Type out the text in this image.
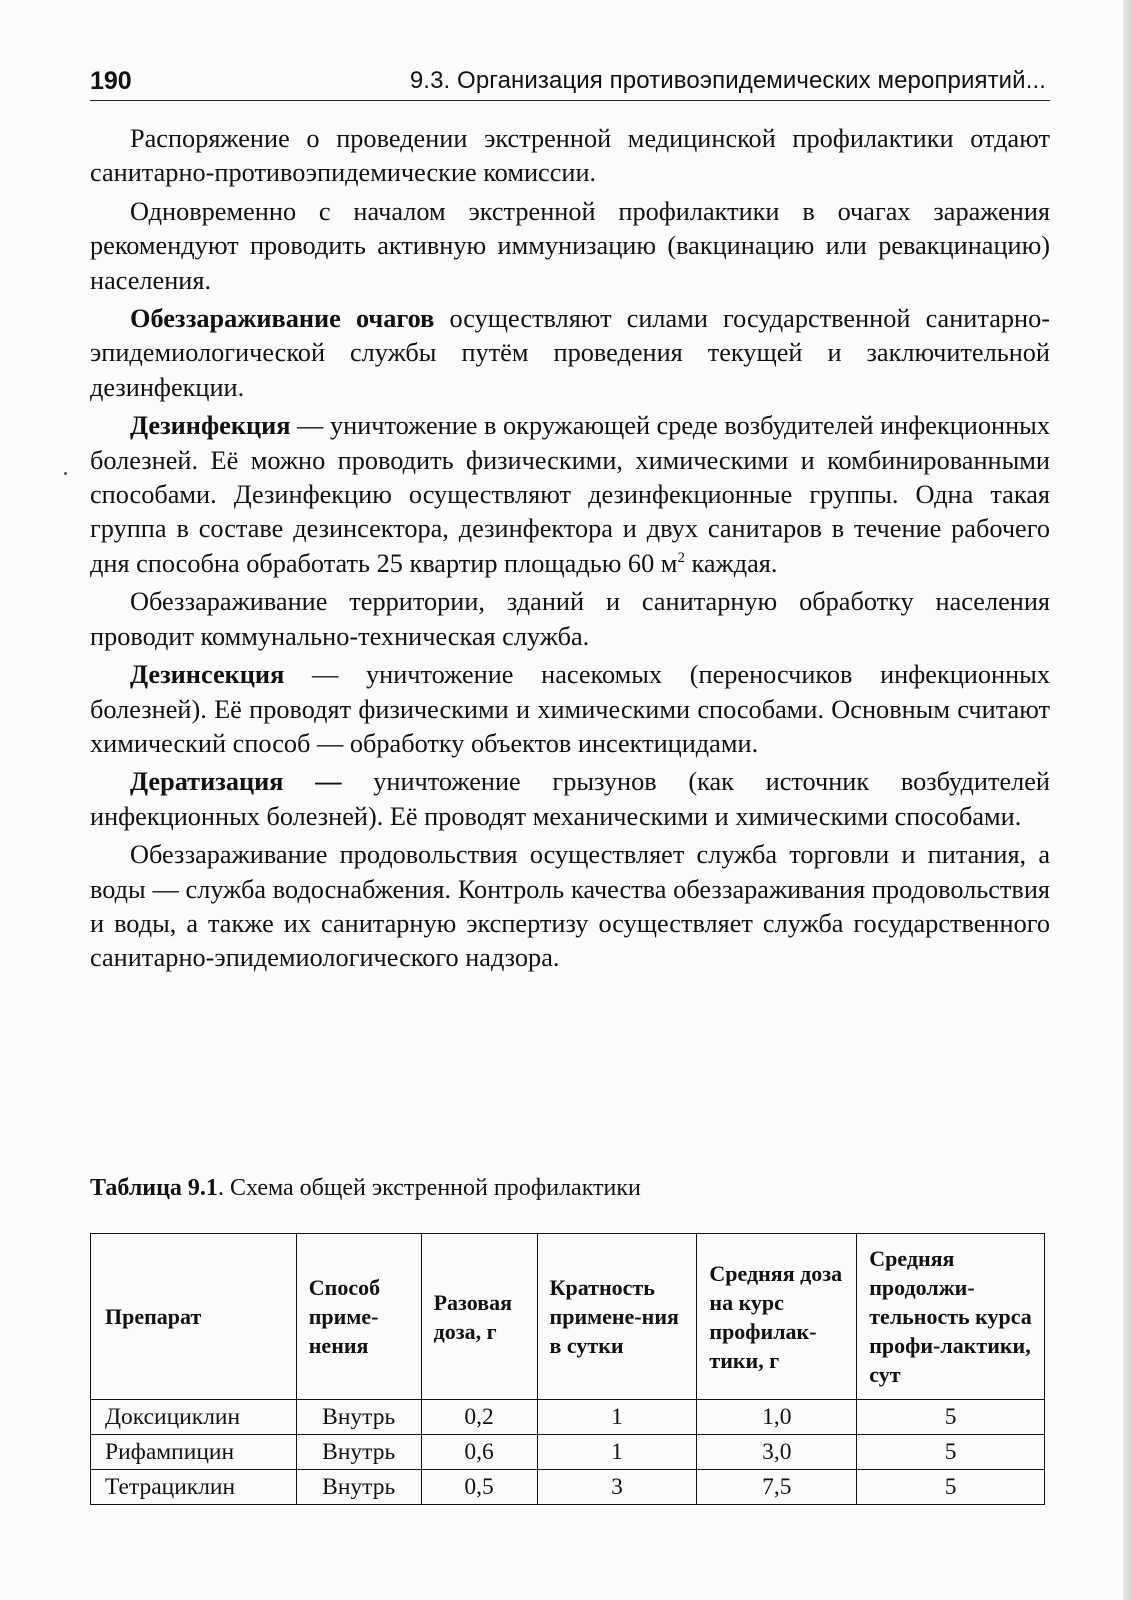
190	9.3. Организация противоэпидемических мероприятий...

Распоряжение о проведении экстренной медицинской профилактики отдают санитарно-противоэпидемические комиссии.

Одновременно с началом экстренной профилактики в очагах заражения рекомендуют проводить активную иммунизацию (вакцинацию или ревакцинацию) населения.

Обеззараживание очагов осуществляют силами государственной санитарно-эпидемиологической службы путём проведения текущей и заключительной дезинфекции.

Дезинфекция — уничтожение в окружающей среде возбудителей инфекционных болезней. Её можно проводить физическими, химическими и комбинированными способами. Дезинфекцию осуществляют дезинфекционные группы. Одна такая группа в составе дезинсектора, дезинфектора и двух санитаров в течение рабочего дня способна обработать 25 квартир площадью 60 $м^2$ каждая.

Обеззараживание территории, зданий и санитарную обработку населения проводит коммунально-техническая служба.

Дезинсекция — уничтожение насекомых (переносчиков инфекционных болезней). Её проводят физическими и химическими способами. Основным считают химический способ — обработку объектов инсектицидами.

Дератизация — уничтожение грызунов (как источник возбудителей инфекционных болезней). Её проводят механическими и химическими способами.

Обеззараживание продовольствия осуществляет служба торговли и питания, а воды — служба водоснабжения. Контроль качества обеззараживания продовольствия и воды, а также их санитарную экспертизу осуществляет служба государственного санитарно-эпидемиологического надзора.

Таблица 9.1. Схема общей экстренной профилактики
Препарат	Способ приме-нения	Разовая доза, г	Кратность примене-ния в сутки	Средняя доза на курс профилак-тики, г	Средняя продолжи-тельность курса профи-лактики, сут
Доксициклин	Внутрь	0,2	1	1,0	5
Рифампицин	Внутрь	0,6	1	3,0	5
Тетрациклин	Внутрь	0,5	3	7,5	5
